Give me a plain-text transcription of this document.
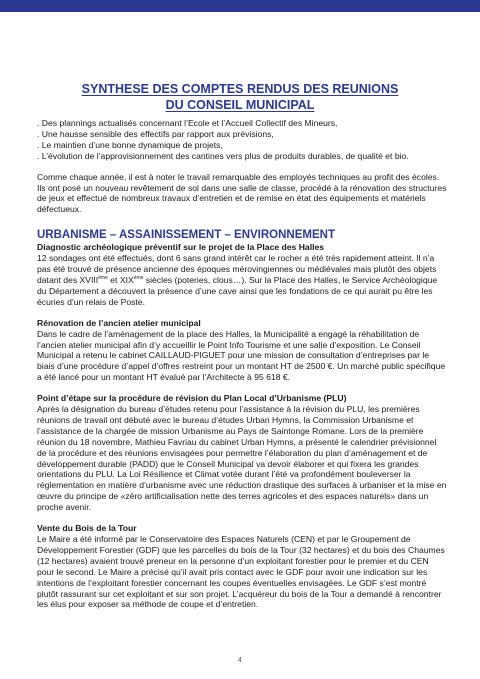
SYNTHESE DES COMPTES RENDUS DES REUNIONS
DU CONSEIL MUNICIPAL
. Des plannings actualisés concernant l’Ecole et l’Accueil Collectif des Mineurs,
. Une hausse sensible des effectifs par rapport aux prévisions,
. Le maintien d’une bonne dynamique de projets,
. L’évolution de l’approvisionnement des cantines vers plus de produits durables, de qualité et bio.

Comme chaque année, il est à noter le travail remarquable des employés techniques au profit des écoles. Ils ont posé un nouveau revêtement de sol dans une salle de classe, procédé à la rénovation des structures de jeux et effectué de nombreux travaux d’entretien et de remise en état des équipements et matériels défectueux.

URBANISME – ASSAINISSEMENT – ENVIRONNEMENT
Diagnostic archéologique préventif sur le projet de la Place des Halles

12 sondages ont été effectués, dont 6 sans grand intérêt car le rocher a été très rapidement atteint. Il n’a pas été trouvé de présence ancienne des époques mérovingiennes ou médiévales mais plutôt des objets datant des XVIIIème et XIXème siècles (poteries, clous…). Sur la Place des Halles, le Service Archéologique du Département a découvert la présence d’une cave ainsi que les fondations de ce qui aurait pu être les écuries d’un relais de Poste.

Rénovation de l’ancien atelier municipal

Dans le cadre de l’aménagement de la place des Halles, la Municipalité a engagé la réhabilitation de l’ancien atelier municipal afin d’y accueillir le Point Info Tourisme et une salle d’exposition. Le Conseil Municipal a retenu le cabinet CAILLAUD-PIGUET pour une mission de consultation d’entreprises par le biais d’une procédure d’appel d’offres restreint pour un montant HT de 2500 €. Un marché public spécifique a été lancé pour un montant HT évalué par l’Architecte à 95 618 €.

Point d’étape sur la procédure de révision du Plan Local d’Urbanisme (PLU)

Après la désignation du bureau d’études retenu pour l’assistance à la révision du PLU, les premières réunions de travail ont débuté avec le bureau d’études Urban Hymns, la Commission Urbanisme et l’assistance de la chargée de mission Urbanisme au Pays de Saintonge Romane. Lors de la première réunion du 18 novembre, Mathieu Favriau du cabinet Urban Hymns, a présenté le calendrier prévisionnel de la procédure et des réunions envisagées pour permettre l’élaboration du plan d’aménagement et de développement durable (PADD) que le Conseil Municipal va devoir élaborer et qui fixera les grandes orientations du PLU. La Loi Résilience et Climat votée durant l’été va profondément bouleverser la réglementation en matière d’urbanisme avec une réduction drastique des surfaces à urbaniser et la mise en œuvre du principe de «zéro artificialisation nette des terres agricoles et des espaces naturels» dans un proche avenir.

Vente du Bois de la Tour

Le Maire a été informé par le Conservatoire des Espaces Naturels (CEN) et par le Groupement de Développement Forestier (GDF) que les parcelles du bois de la Tour (32 hectares) et du bois des Chaumes (12 hectares) avaient trouvé preneur en la personne d’un exploitant forestier pour le premier et du CEN pour le second. Le Maire a précisé qu’il avait pris contact avec le GDF pour avoir une indication sur les intentions de l’exploitant forestier concernant les coupes éventuelles envisagées. Le GDF s’est montré plutôt rassurant sur cet exploitant et sur son projet. L’acquéreur du bois de la Tour a demandé à rencontrer les élus pour exposer sa méthode de coupe et d’entretien.

4
